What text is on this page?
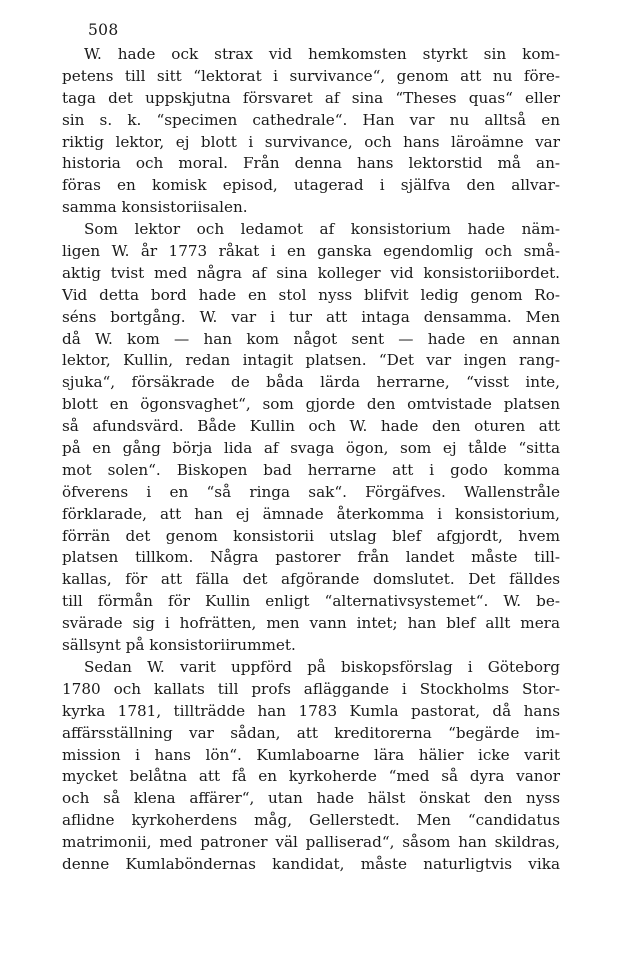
508
W. hade ock strax vid hemkomsten styrkt sin kom-
petens till sitt “lektorat i survivance“, genom att nu före-
taga det uppskjutna försvaret af sina “Theses quas“ eller
sin s. k. “specimen cathedrale“. Han var nu alltså en
riktig lektor, ej blott i survivance, och hans läroämne var
historia och moral. Från denna hans lektorstid må an-
föras en komisk episod, utagerad i själfva den allvar-
samma konsistoriisalen.
Som lektor och ledamot af konsistorium hade näm-
ligen W. år 1773 råkat i en ganska egendomlig och små-
aktig tvist med några af sina kolleger vid konsistoriibordet.
Vid detta bord hade en stol nyss blifvit ledig genom Ro-
séns bortgång. W. var i tur att intaga densamma. Men
då W. kom — han kom något sent — hade en annan
lektor, Kullin, redan intagit platsen. “Det var ingen rang-
sjuka“, försäkrade de båda lärda herrarne, “visst inte,
blott en ögonsvaghet“, som gjorde den omtvistade platsen
så afundsvärd. Både Kullin och W. hade den oturen att
på en gång börja lida af svaga ögon, som ej tålde “sitta
mot solen“. Biskopen bad herrarne att i godo komma
öfverens i en “så ringa sak“. Förgäfves. Wallenstråle
förklarade, att han ej ämnade återkomma i konsistorium,
förrän det genom konsistorii utslag blef afgjordt, hvem
platsen tillkom. Några pastorer från landet måste till-
kallas, för att fälla det afgörande domslutet. Det fälldes
till förmån för Kullin enligt “alternativsystemet“. W. be-
svärade sig i hofrätten, men vann intet; han blef allt mera
sällsynt på konsistoriirummet.
Sedan W. varit uppförd på biskopsförslag i Göteborg
1780 och kallats till profs afläggande i Stockholms Stor-
kyrka 1781, tillträdde han 1783 Kumla pastorat, då hans
affärsställning var sådan, att kreditorerna “begärde im-
mission i hans lön“. Kumlaboarne lära hälier icke varit
mycket belåtna att få en kyrkoherde “med så dyra vanor
och så klena affärer“, utan hade hälst önskat den nyss
aflidne kyrkoherdens måg, Gellerstedt. Men “candidatus
matrimonii, med patroner väl palliserad“, såsom han skildras,
denne Kumlaböndernas kandidat, måste naturligtvis vika
